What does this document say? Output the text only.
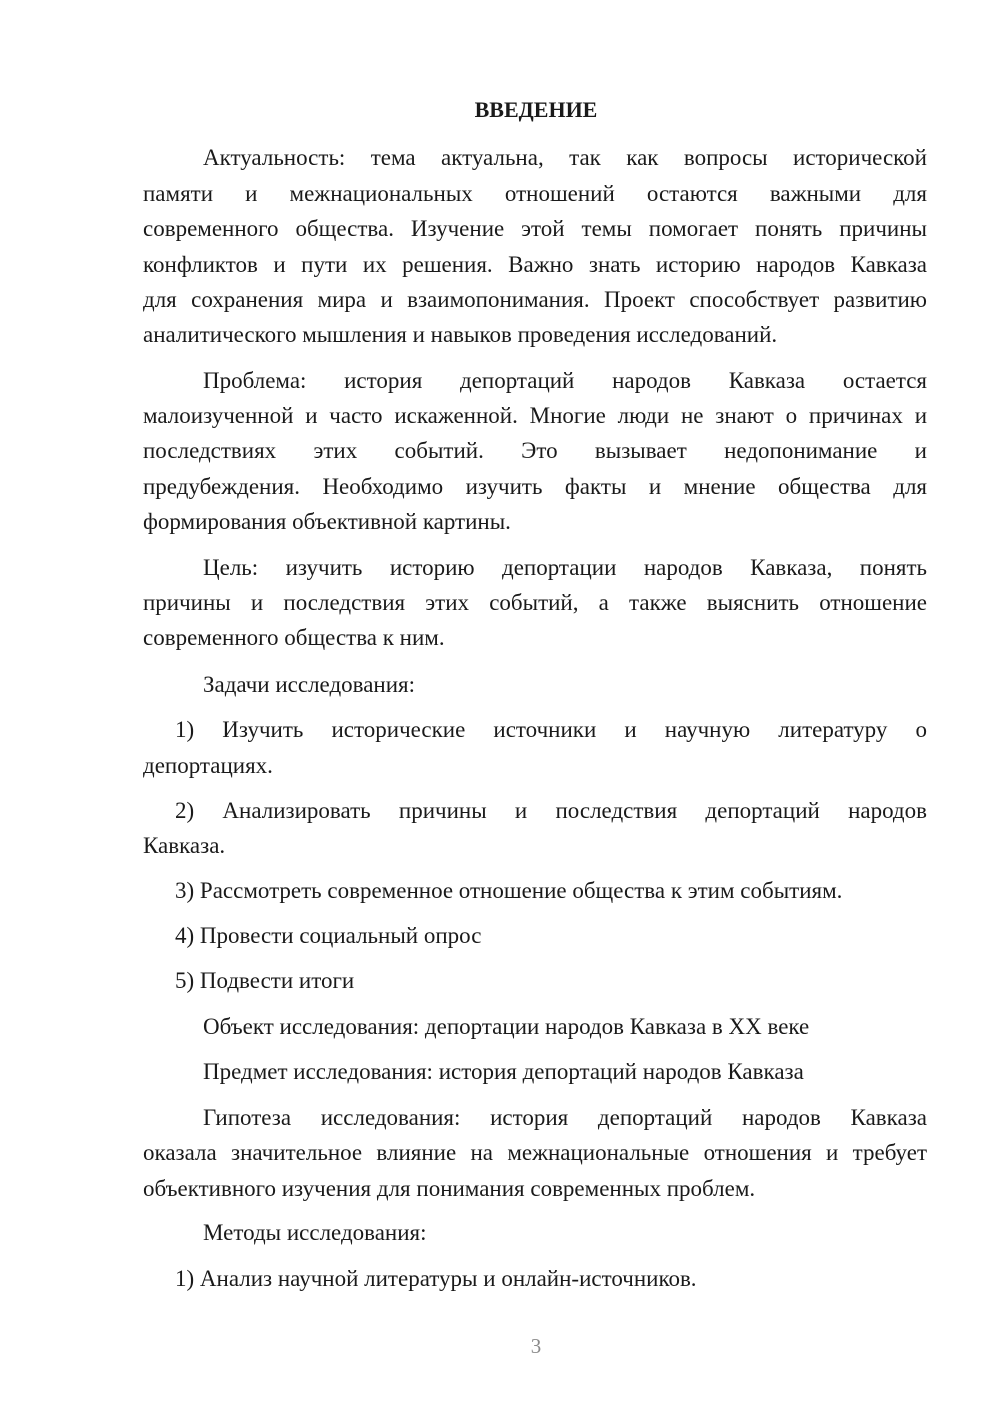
ВВЕДЕНИЕ
Актуальность: тема актуальна, так как вопросы исторической
памяти и межнациональных отношений остаются важными для
современного общества. Изучение этой темы помогает понять причины
конфликтов и пути их решения. Важно знать историю народов Кавказа
для сохранения мира и взаимопонимания. Проект способствует развитию
аналитического мышления и навыков проведения исследований.
Проблема: история депортаций народов Кавказа остается
малоизученной и часто искаженной. Многие люди не знают о причинах и
последствиях этих событий. Это вызывает недопонимание и
предубеждения. Необходимо изучить факты и мнение общества для
формирования объективной картины.
Цель: изучить историю депортации народов Кавказа, понять
причины и последствия этих событий, а также выяснить отношение
современного общества к ним.
Задачи исследования:
1) Изучить исторические источники и научную литературу о
депортациях.
2) Анализировать причины и последствия депортаций народов
Кавказа.
3) Рассмотреть современное отношение общества к этим событиям.
4) Провести социальный опрос
5) Подвести итоги
Объект исследования: депортации народов Кавказа в XX веке
Предмет исследования: история депортаций народов Кавказа
Гипотеза исследования: история депортаций народов Кавказа
оказала значительное влияние на межнациональные отношения и требует
объективного изучения для понимания современных проблем.
Методы исследования:
1) Анализ научной литературы и онлайн-источников.
3
